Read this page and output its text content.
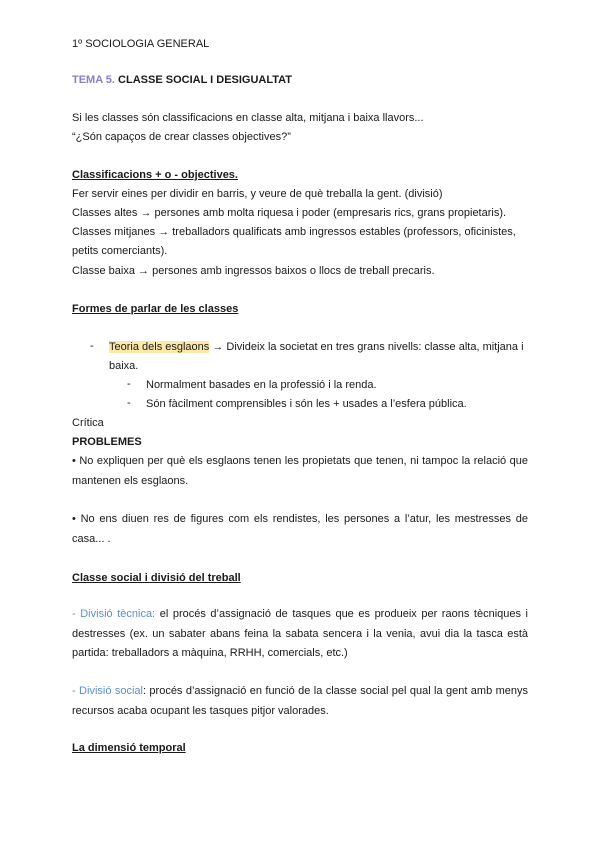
1º SOCIOLOGIA GENERAL
TEMA 5. CLASSE SOCIAL I DESIGUALTAT
Si les classes són classificacions en classe alta, mitjana i baixa llavors...
“¿Són capaços de crear classes objectives?”
Classificacions + o - objectives.
Fer servir eines per dividir en barris, y veure de què treballa la gent. (divisió)
Classes altes → persones amb molta riquesa i poder (empresaris rics, grans propietaris).
Classes mitjanes → treballadors qualificats amb ingressos estables (professors, oficinistes,
petits comerciants).
Classe baixa → persones amb ingressos baixos o llocs de treball precaris.
Formes de parlar de les classes
- Teoria dels esglaons → Divideix la societat en tres grans nivells: classe alta, mitjana i
baixa.
- Normalment basades en la professió i la renda.
- Són fàcilment comprensibles i són les + usades a l’esfera pública.
Crítica
PROBLEMES
• No expliquen per què els esglaons tenen les propietats que tenen, ni tampoc la relació que mantenen els esglaons.
• No ens diuen res de figures com els rendistes, les persones a l’atur, les mestresses de casa... .
Classe social i divisió del treball
- Divisió tècnica: el procés d’assignació de tasques que es produeix per raons tècniques i destresses (ex. un sabater abans feina la sabata sencera i la venia, avui dia la tasca està partida: treballadors a màquina, RRHH, comercials, etc.)
- Divisió social: procés d’assignació en funció de la classe social pel qual la gent amb menys recursos acaba ocupant les tasques pitjor valorades.
La dimensió temporal
